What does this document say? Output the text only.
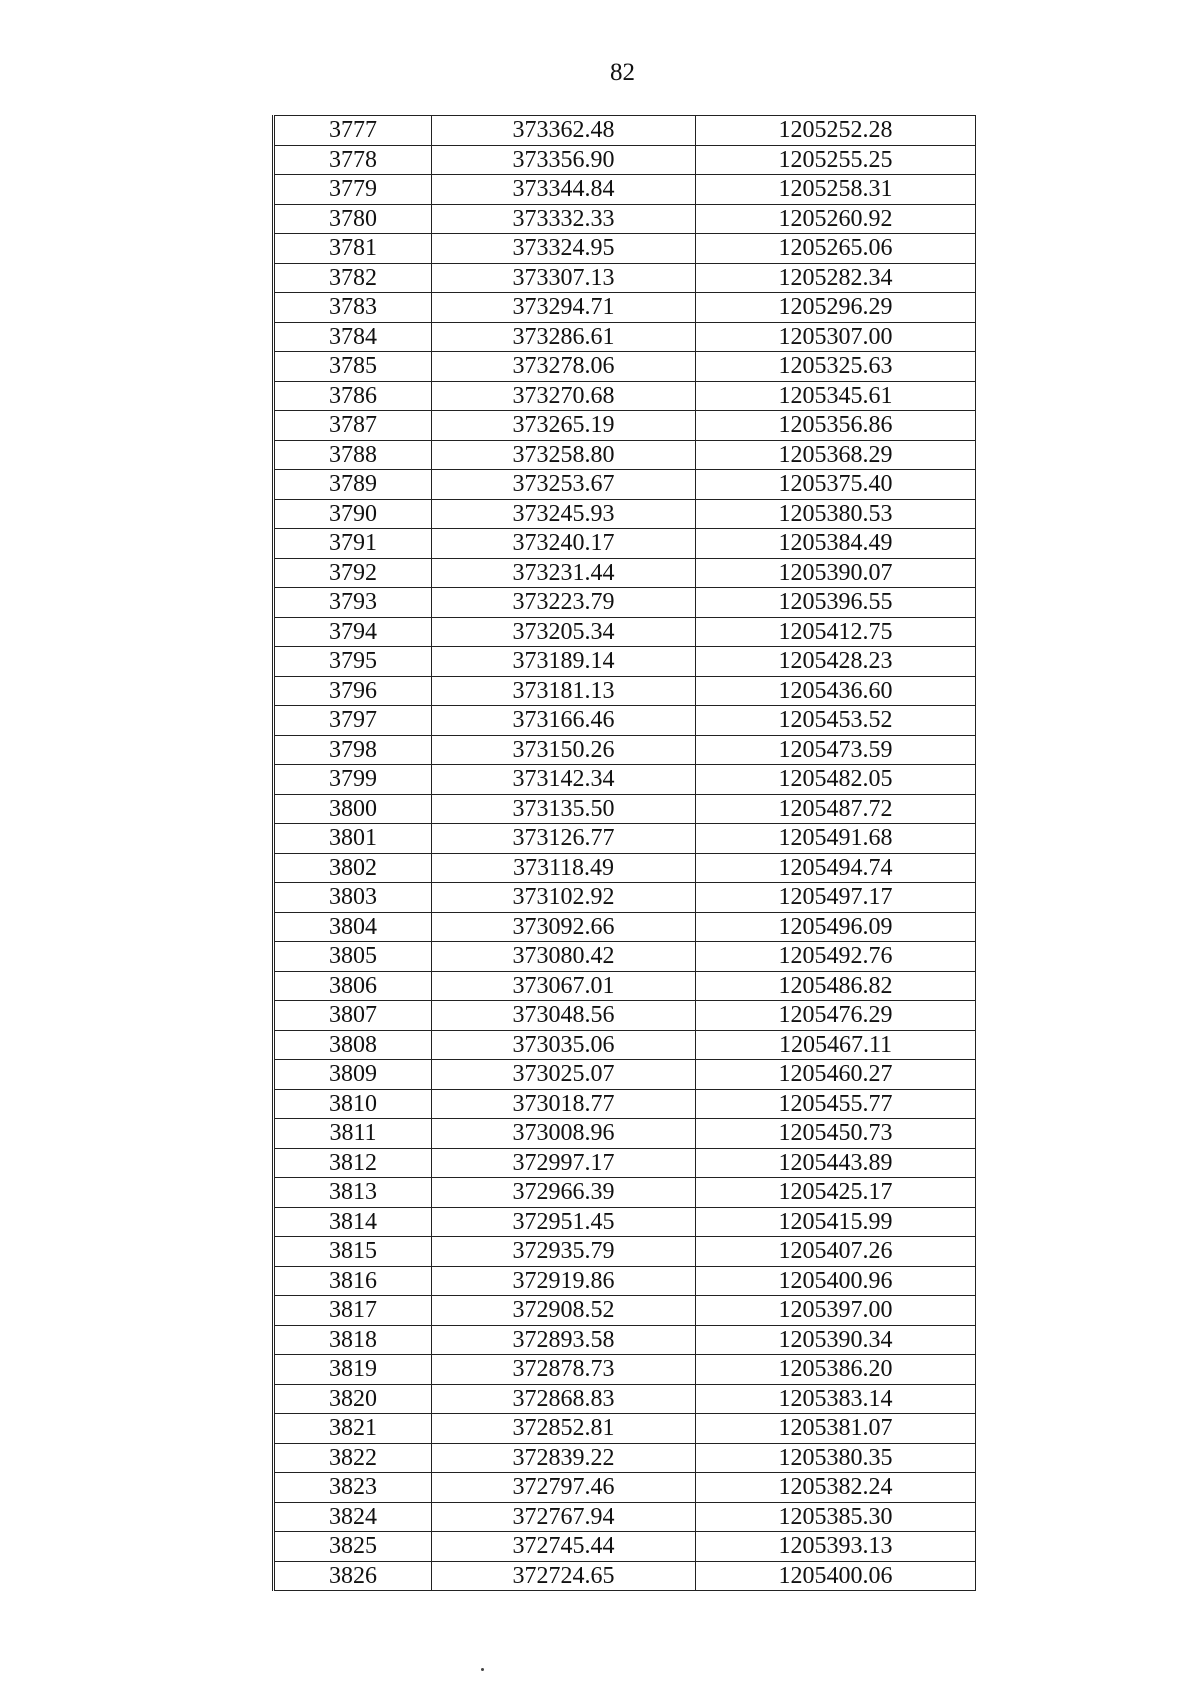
82
3777	373362.48	1205252.28
3778	373356.90	1205255.25
3779	373344.84	1205258.31
3780	373332.33	1205260.92
3781	373324.95	1205265.06
3782	373307.13	1205282.34
3783	373294.71	1205296.29
3784	373286.61	1205307.00
3785	373278.06	1205325.63
3786	373270.68	1205345.61
3787	373265.19	1205356.86
3788	373258.80	1205368.29
3789	373253.67	1205375.40
3790	373245.93	1205380.53
3791	373240.17	1205384.49
3792	373231.44	1205390.07
3793	373223.79	1205396.55
3794	373205.34	1205412.75
3795	373189.14	1205428.23
3796	373181.13	1205436.60
3797	373166.46	1205453.52
3798	373150.26	1205473.59
3799	373142.34	1205482.05
3800	373135.50	1205487.72
3801	373126.77	1205491.68
3802	373118.49	1205494.74
3803	373102.92	1205497.17
3804	373092.66	1205496.09
3805	373080.42	1205492.76
3806	373067.01	1205486.82
3807	373048.56	1205476.29
3808	373035.06	1205467.11
3809	373025.07	1205460.27
3810	373018.77	1205455.77
3811	373008.96	1205450.73
3812	372997.17	1205443.89
3813	372966.39	1205425.17
3814	372951.45	1205415.99
3815	372935.79	1205407.26
3816	372919.86	1205400.96
3817	372908.52	1205397.00
3818	372893.58	1205390.34
3819	372878.73	1205386.20
3820	372868.83	1205383.14
3821	372852.81	1205381.07
3822	372839.22	1205380.35
3823	372797.46	1205382.24
3824	372767.94	1205385.30
3825	372745.44	1205393.13
3826	372724.65	1205400.06
